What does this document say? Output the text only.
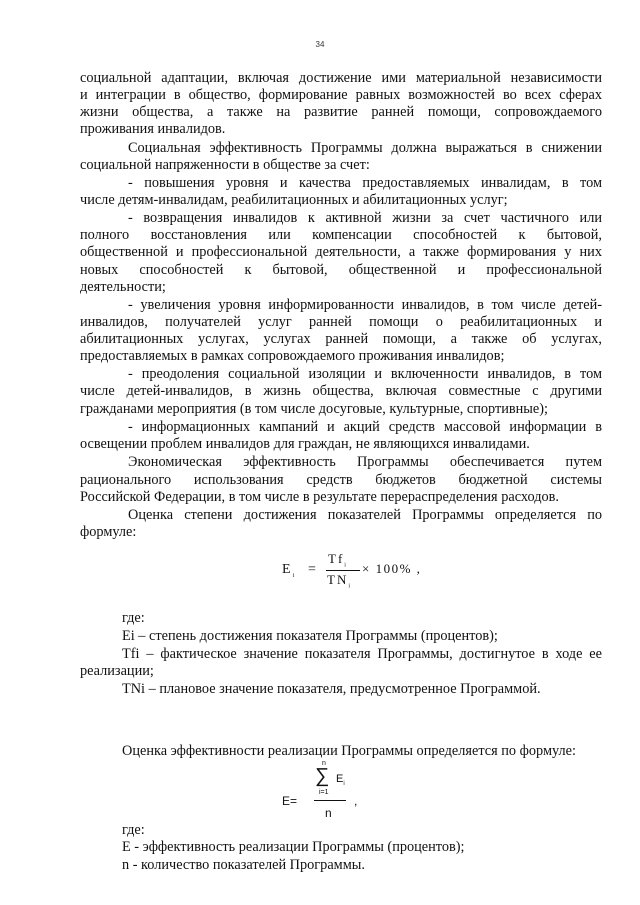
34
социальной адаптации, включая достижение ими материальной независимости
и интеграции в общество, формирование равных возможностей во всех сферах
жизни общества, а также на развитие ранней помощи, сопровождаемого
проживания инвалидов.
Социальная эффективность Программы должна выражаться в снижении
социальной напряженности в обществе за счет:
- повышения уровня и качества предоставляемых инвалидам, в том
числе детям-инвалидам, реабилитационных и абилитационных услуг;
- возвращения инвалидов к активной жизни за счет частичного или
полного восстановления или компенсации способностей к бытовой,
общественной и профессиональной деятельности, а также формирования у них
новых способностей к бытовой, общественной и профессиональной
деятельности;
- увеличения уровня информированности инвалидов, в том числе детей-
инвалидов, получателей услуг ранней помощи о реабилитационных и
абилитационных услугах, услугах ранней помощи, а также об услугах,
предоставляемых в рамках сопровождаемого проживания инвалидов;
- преодоления социальной изоляции и включенности инвалидов, в том
числе детей-инвалидов, в жизнь общества, включая совместные с другими
гражданами мероприятия (в том числе досуговые, культурные, спортивные);
- информационных кампаний и акций средств массовой информации в
освещении проблем инвалидов для граждан, не являющихся инвалидами.
Экономическая эффективность Программы обеспечивается путем
рационального использования средств бюджетов бюджетной системы
Российской Федерации, в том числе в результате перераспределения расходов.
Оценка степени достижения показателей Программы определяется по
формуле:
$E_i$ =
$Tf_i$
$TN_i$
× 100% ,
где:
Ei – степень достижения показателя Программы (процентов);
Tfi – фактическое значение показателя Программы, достигнутое в ходе ее
реализации;
TNi – плановое значение показателя, предусмотренное Программой.
Оценка эффективности реализации Программы определяется по формуле:
n
∑ $E_i$
i=1
E=
n
,
где:
Е - эффективность реализации Программы (процентов);
n - количество показателей Программы.
